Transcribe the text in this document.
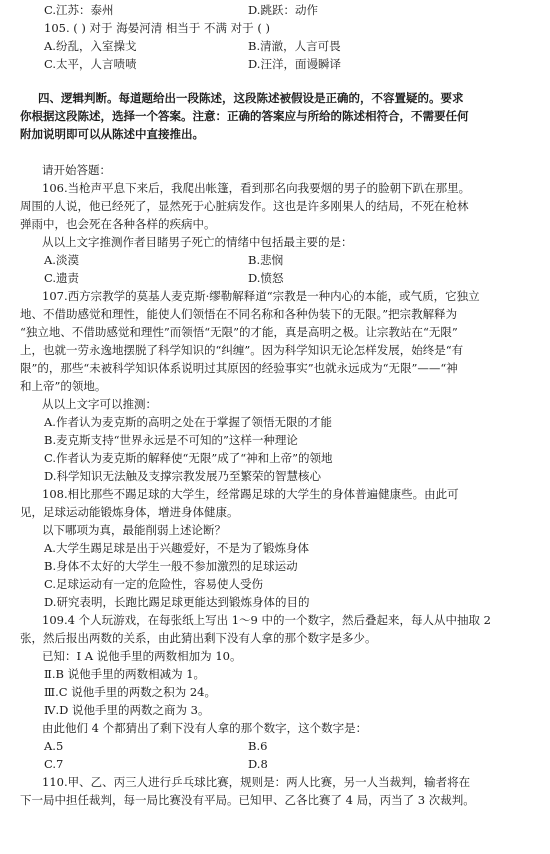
C.江苏：泰州	D.跳跃：动作
105. ( ) 对于 海晏河清 相当于 不满 对于 ( )
A.纷乱，入室操戈	B.清澈，人言可畏
C.太平，人言啧啧	D.汪洋，面谩瞬译
四、逻辑判断。每道题给出一段陈述，这段陈述被假设是正确的，不容置疑的。要求
你根据这段陈述，选择一个答案。注意：正确的答案应与所给的陈述相符合，不需要任何
附加说明即可以从陈述中直接推出。
请开始答题：
106.当枪声平息下来后，我爬出帐篷，看到那名向我要烟的男子的脸朝下趴在那里。
周围的人说，他已经死了，显然死于心脏病发作。这也是许多刚果人的结局，不死在枪林
弹雨中，也会死在各种各样的疾病中。
从以上文字推测作者目睹男子死亡的情绪中包括最主要的是：
A.淡漠	B.悲悯
C.遗责	D.愤怒
107.西方宗教学的莫基人麦克斯·缪勒解释道“宗教是一种内心的本能，或气质，它独立
地、不借助感觉和理性，能使人们领悟在不同名称和各种伪装下的无限。”把宗教解释为
“独立地、不借助感觉和理性”而领悟“无限”的才能，真是高明之极。让宗教站在“无限”
上，也就一劳永逸地摆脱了科学知识的“纠缠”。因为科学知识无论怎样发展，始终是“有
限”的，那些“未被科学知识体系说明过其原因的经验事实”也就永远成为“无限”——“神
和上帝”的领地。
从以上文字可以推测：
A.作者认为麦克斯的高明之处在于掌握了领悟无限的才能
B.麦克斯支持“世界永远是不可知的”这样一种理论
C.作者认为麦克斯的解释使“无限”成了“神和上帝”的领地
D.科学知识无法触及支撑宗教发展乃至繁荣的智慧核心
108.相比那些不踢足球的大学生，经常踢足球的大学生的身体普遍健康些。由此可
见，足球运动能锻炼身体，增进身体健康。
以下哪项为真，最能削弱上述论断？
A.大学生踢足球是出于兴趣爱好，不是为了锻炼身体
B.身体不太好的大学生一般不参加激烈的足球运动
C.足球运动有一定的危险性，容易使人受伤
D.研究表明，长跑比踢足球更能达到锻炼身体的目的
109.4 个人玩游戏，在每张纸上写出 1～9 中的一个数字，然后叠起来，每人从中抽取 2
张，然后报出两数的关系，由此猜出剩下没有人拿的那个数字是多少。
已知：Ⅰ A 说他手里的两数相加为 10。
Ⅱ.B 说他手里的两数相减为 1。
Ⅲ.C 说他手里的两数之积为 24。
Ⅳ.D 说他手里的两数之商为 3。
由此他们 4 个都猜出了剩下没有人拿的那个数字，这个数字是：
A.5	B.6
C.7	D.8
110.甲、乙、丙三人进行乒乓球比赛，规则是：两人比赛，另一人当裁判，输者将在
下一局中担任裁判，每一局比赛没有平局。已知甲、乙各比赛了 4 局，丙当了 3 次裁判。
